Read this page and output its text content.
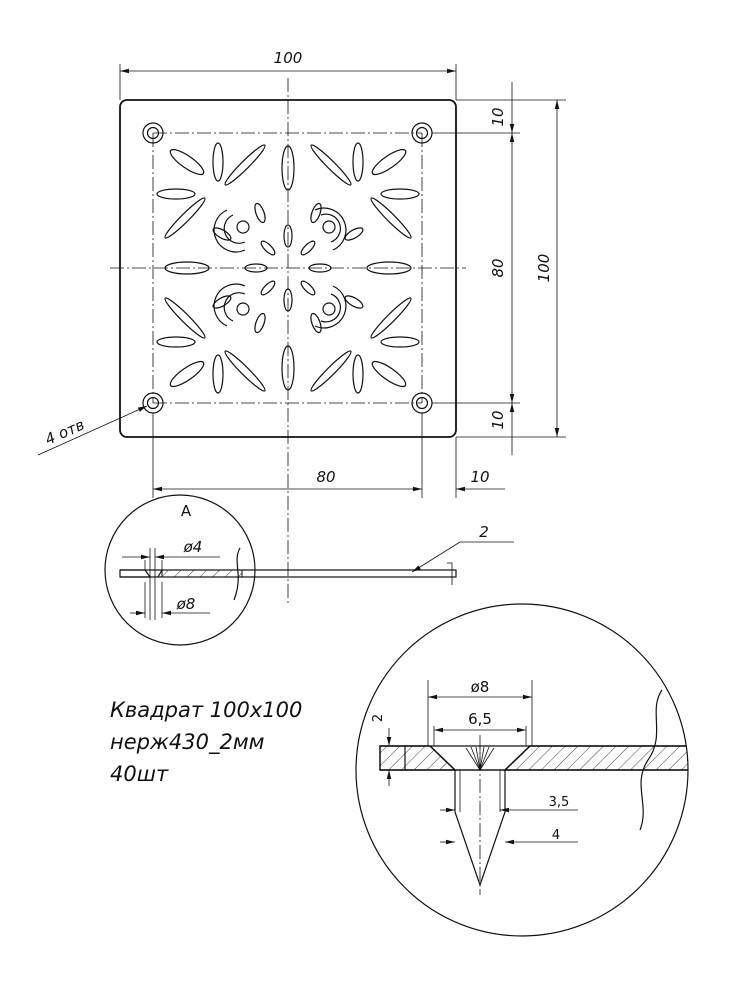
100
100
10
80
10
80	10
4 отв
2
A
ø4
ø8
Квадрат 100х100
нерж430_2мм
40шт
ø8
6,5
2
3,5
4
